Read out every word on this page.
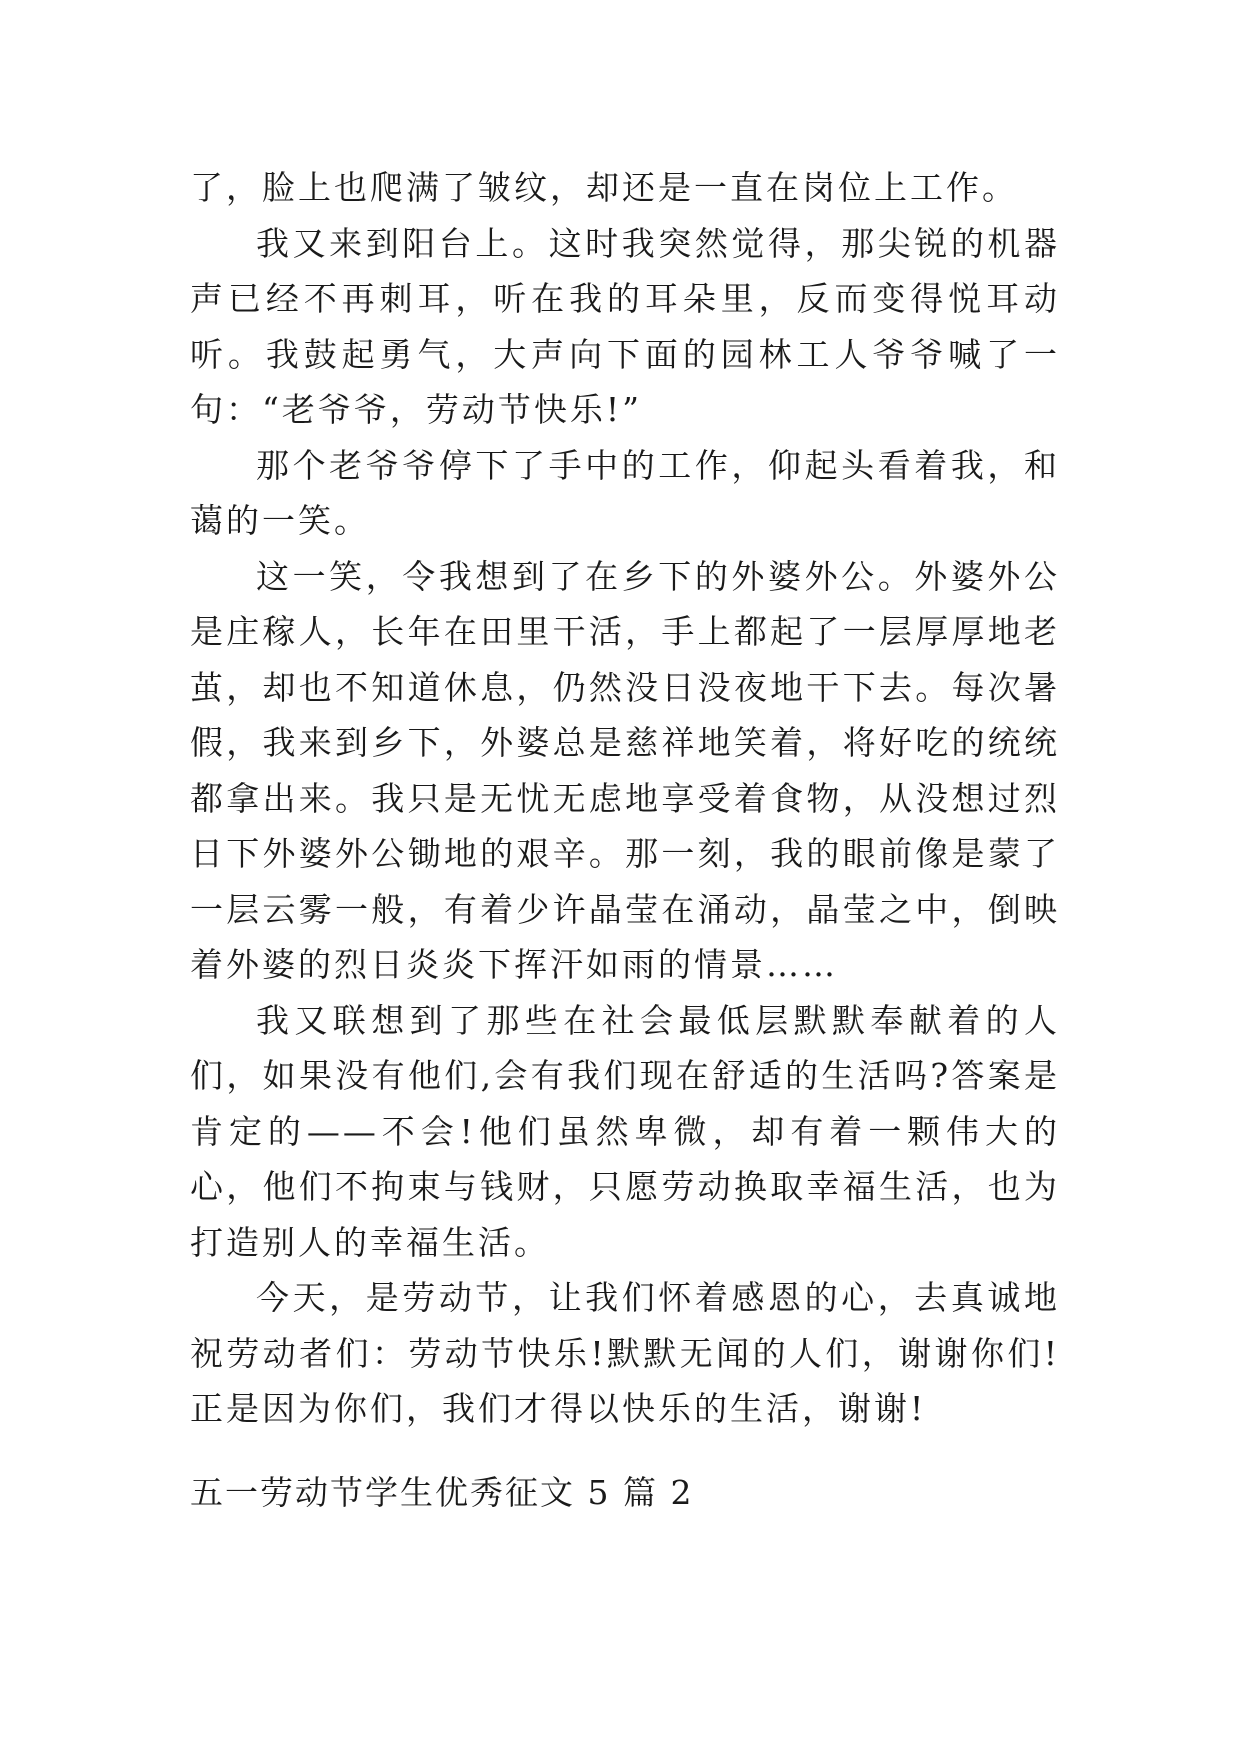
了，脸上也爬满了皱纹，却还是一直在岗位上工作。

我又来到阳台上。这时我突然觉得，那尖锐的机器声已经不再刺耳，听在我的耳朵里，反而变得悦耳动听。我鼓起勇气，大声向下面的园林工人爷爷喊了一句：“老爷爷，劳动节快乐!”

那个老爷爷停下了手中的工作，仰起头看着我，和蔼的一笑。

这一笑，令我想到了在乡下的外婆外公。外婆外公是庄稼人，长年在田里干活，手上都起了一层厚厚地老茧，却也不知道休息，仍然没日没夜地干下去。每次暑假，我来到乡下，外婆总是慈祥地笑着，将好吃的统统都拿出来。我只是无忧无虑地享受着食物，从没想过烈日下外婆外公锄地的艰辛。那一刻，我的眼前像是蒙了一层云雾一般，有着少许晶莹在涌动，晶莹之中，倒映着外婆的烈日炎炎下挥汗如雨的情景……

我又联想到了那些在社会最低层默默奉献着的人们，如果没有他们,会有我们现在舒适的生活吗?答案是肯定的——不会!他们虽然卑微，却有着一颗伟大的心，他们不拘束与钱财，只愿劳动换取幸福生活，也为打造别人的幸福生活。

今天，是劳动节，让我们怀着感恩的心，去真诚地祝劳动者们：劳动节快乐!默默无闻的人们，谢谢你们!正是因为你们，我们才得以快乐的生活，谢谢!

五一劳动节学生优秀征文 5 篇 2
